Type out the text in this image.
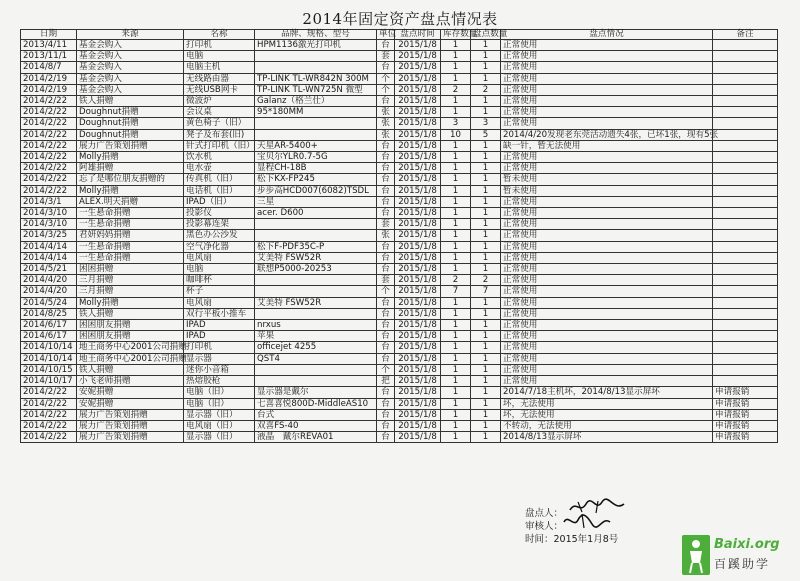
2014年固定资产盘点情况表
日期	来源	名称	品牌、规格、型号	单位	盘点时间	库存数量	盘点数量	盘点情况	备注
2013/4/11	基金会购入	打印机	HPM1136激光打印机	台	2015/1/8	1	1	正常使用	
2013/11/1	基金会购入	电脑		套	2015/1/8	1	1	正常使用	
2014/8/7	基金会购入	电脑主机		台	2015/1/8	1	1	正常使用	
2014/2/19	基金会购入	无线路由器	TP-LINK TL-WR842N 300M	个	2015/1/8	1	1	正常使用	
2014/2/19	基金会购入	无线USB网卡	TP-LINK TL-WN725N 微型	个	2015/1/8	2	2	正常使用	
2014/2/22	铁人捐赠	微波炉	Galanz（格兰仕）	台	2015/1/8	1	1	正常使用	
2014/2/22	Doughnut捐赠	会议桌	95*180MM	张	2015/1/8	1	1	正常使用	
2014/2/22	Doughnut捐赠	黄色椅子（旧）		张	2015/1/8	3	3	正常使用	
2014/2/22	Doughnut捐赠	凳子及布套(旧)		张	2015/1/8	10	5	2014/4/20发现老东莞活动遗失4张，已坏1张，现有5张	
2014/2/22	展力广告策划捐赠	针式打印机（旧）	天星AR-5400+	台	2015/1/8	1	1	缺一针，暂无法使用	
2014/2/22	Molly捐赠	饮水机	宝贝尔YLR0.7-5G	台	2015/1/8	1	1	正常使用	
2014/2/22	阿雄捐赠	电水壶	显程CH-18B	台	2015/1/8	1	1	正常使用	
2014/2/22	忘了是哪位朋友捐赠的	传真机（旧）	松下KX-FP245	台	2015/1/8	1	1	暂未使用	
2014/2/22	Molly捐赠	电话机（旧）	步步高HCD007(6082)TSDL	台	2015/1/8	1	1	暂未使用	
2014/3/1	ALEX.明天捐赠	IPAD（旧）	三星	台	2015/1/8	1	1	正常使用	
2014/3/10	一生悬命捐赠	投影仪	acer. D600	台	2015/1/8	1	1	正常使用	
2014/3/10	一生悬命捐赠	投影幕连架		套	2015/1/8	1	1	正常使用	
2014/3/25	君妍妈妈捐赠	黑色办公沙发		张	2015/1/8	1	1	正常使用	
2014/4/14	一生悬命捐赠	空气净化器	松下F-PDF35C-P	台	2015/1/8	1	1	正常使用	
2014/4/14	一生悬命捐赠	电风扇	艾美特 FSW52R	台	2015/1/8	1	1	正常使用	
2014/5/21	困困捐赠	电脑	联想P5000-20253	台	2015/1/8	1	1	正常使用	
2014/4/20	三月捐赠	咖啡杯		套	2015/1/8	2	2	正常使用	
2014/4/20	三月捐赠	杯子		个	2015/1/8	7	7	正常使用	
2014/5/24	Molly捐赠	电风扇	艾美特 FSW52R	台	2015/1/8	1	1	正常使用	
2014/8/25	铁人捐赠	双行平板小推车		台	2015/1/8	1	1	正常使用	
2014/6/17	困困朋友捐赠	IPAD	nrxus	台	2015/1/8	1	1	正常使用	
2014/6/17	困困朋友捐赠	IPAD	苹果	台	2015/1/8	1	1	正常使用	
2014/10/14	地王商务中心2001公司捐赠	打印机	officejet 4255	台	2015/1/8	1	1	正常使用	
2014/10/14	地王商务中心2001公司捐赠	显示器	QST4	台	2015/1/8	1	1	正常使用	
2014/10/15	铁人捐赠	迷你小音箱		个	2015/1/8	1	1	正常使用	
2014/10/17	小飞老师捐赠	热熔胶枪		把	2015/1/8	1	1	正常使用	
2014/2/22	安妮捐赠	电脑（旧）	显示器是戴尔	台	2015/1/8	1	1	2014/7/18主机坏，2014/8/13显示屏坏	申请报销
2014/2/22	安妮捐赠	电脑（旧）	七喜喜悦800D-MiddleAS10	台	2015/1/8	1	1	坏，无法使用	申请报销
2014/2/22	展力广告策划捐赠	显示器（旧）	台式	台	2015/1/8	1	1	坏，无法使用	申请报销
2014/2/22	展力广告策划捐赠	电风扇（旧）	双喜FS-40	台	2015/1/8	1	1	不转动，无法使用	申请报销
2014/2/22	展力广告策划捐赠	显示器（旧）	液晶　戴尔REVA01	台	2015/1/8	1	1	2014/8/13显示屏坏	申请报销
盘点人：
审核人：
时间：2015年1月8号	Baixi.org
百蹊助学
